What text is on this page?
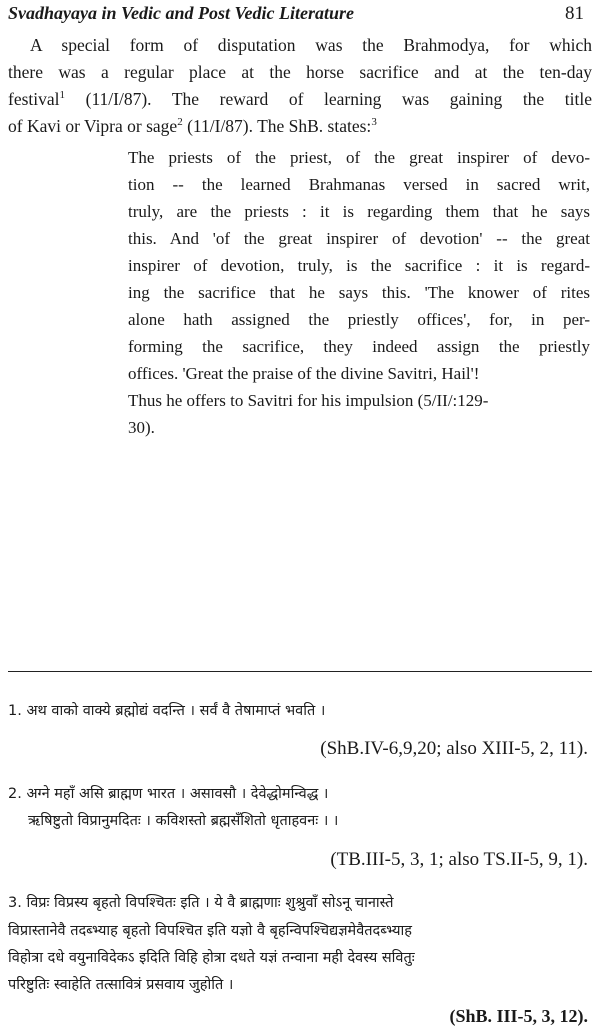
Svadhayaya in Vedic and Post Vedic Literature	81
A special form of disputation was the Brahmodya, for which
there was a regular place at the horse sacrifice and at the ten-day
festival$^1$ (11/I/87). The reward of learning was gaining the title
of Kavi or Vipra or sage$^2$ (11/I/87). The ShB. states:$^3$
The priests of the priest, of the great inspirer of devo-
tion -- the learned Brahmanas versed in sacred writ,
truly, are the priests : it is regarding them that he says
this. And 'of the great inspirer of devotion' -- the great
inspirer of devotion, truly, is the sacrifice : it is regard-
ing the sacrifice that he says this. 'The knower of rites
alone hath assigned the priestly offices', for, in per-
forming the sacrifice, they indeed assign the priestly
offices. 'Great the praise of the divine Savitri, Hail'!
Thus he offers to Savitri for his impulsion (5/II/:129-
30).
1. अथ वाको वाक्ये ब्रह्मोद्यं वदन्ति । सर्वं वै तेषामाप्तं भवति ।
(ShB.IV-6,9,20; also XIII-5, 2, 11).
2. अग्ने महाँ असि ब्राह्मण भारत । असावसौ । देवेद्धोमन्विद्ध ।
ऋषिष्टुतो विप्रानुमदितः । कविशस्तो ब्रह्मसँशितो धृताहवनः । ।
(TB.III-5, 3, 1; also TS.II-5, 9, 1).
3. विप्रः विप्रस्य बृहतो विपश्चितः इति । ये वै ब्राह्मणाः शुश्रुवाँ सोऽनू चानास्ते
विप्रास्तानेवै तदब्भ्याह बृहतो विपश्चित इति यज्ञो वै बृहन्विपश्चिद्यज्ञमेवैतदब्भ्याह
विहोत्रा दधे वयुनाविदेकऽ इदिति विहि होत्रा दधते यज्ञं तन्वाना मही देवस्य सवितुः
परिष्टुतिः स्वाहेति तत्सावित्रं प्रसवाय जुहोति ।
(ShB. III-5, 3, 12).
